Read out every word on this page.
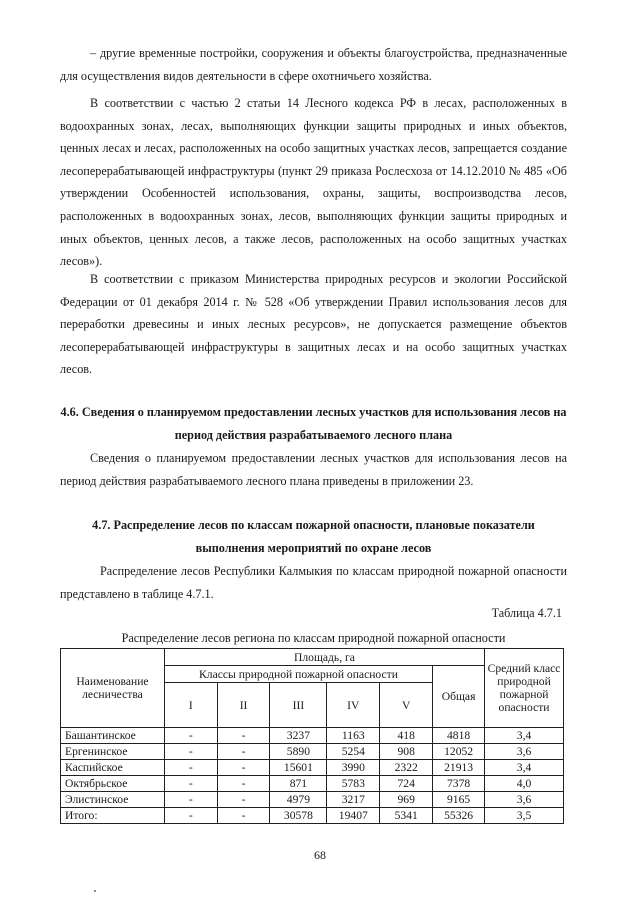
– другие временные постройки, сооружения и объекты благоустройства, предназначенные для осуществления видов деятельности в сфере охотничьего хозяйства.

В соответствии с частью 2 статьи 14 Лесного кодекса РФ в лесах, расположенных в водоохранных зонах, лесах, выполняющих функции защиты природных и иных объектов, ценных лесах и лесах, расположенных на особо защитных участках лесов, запрещается создание лесоперерабатывающей инфраструктуры (пункт 29 приказа Рослесхоза от 14.12.2010 № 485 «Об утверждении Особенностей использования, охраны, защиты, воспроизводства лесов, расположенных в водоохранных зонах, лесов, выполняющих функции защиты природных и иных объектов, ценных лесов, а также лесов, расположенных на особо защитных участках лесов»).

В соответствии с приказом Министерства природных ресурсов и экологии Российской Федерации от 01 декабря 2014 г. № 528 «Об утверждении Правил использования лесов для переработки древесины и иных лесных ресурсов», не допускается размещение объектов лесоперерабатывающей инфраструктуры в защитных лесах и на особо защитных участках лесов.

4.6. Сведения о планируемом предоставлении лесных участков для использования лесов на период действия разрабатываемого лесного плана

Сведения о планируемом предоставлении лесных участков для использования лесов на период действия разрабатываемого лесного плана приведены в приложении 23.

4.7. Распределение лесов по классам пожарной опасности, плановые показатели выполнения мероприятий по охране лесов

Распределение лесов Республики Калмыкия по классам природной пожарной опасности представлено в таблице 4.7.1.

Таблица 4.7.1
Распределение лесов региона по классам природной пожарной опасности
Наименование лесничества	Площадь, га						Средний класс природной пожарной опасности
	Классы природной пожарной опасности					Общая	
	I	II	III	IV	V		
Башантинское	-	-	3237	1163	418	4818	3,4
Ергенинское	-	-	5890	5254	908	12052	3,6
Каспийское	-	-	15601	3990	2322	21913	3,4
Октябрьское	-	-	871	5783	724	7378	4,0
Элистинское	-	-	4979	3217	969	9165	3,6
Итого:	-	-	30578	19407	5341	55326	3,5
68
